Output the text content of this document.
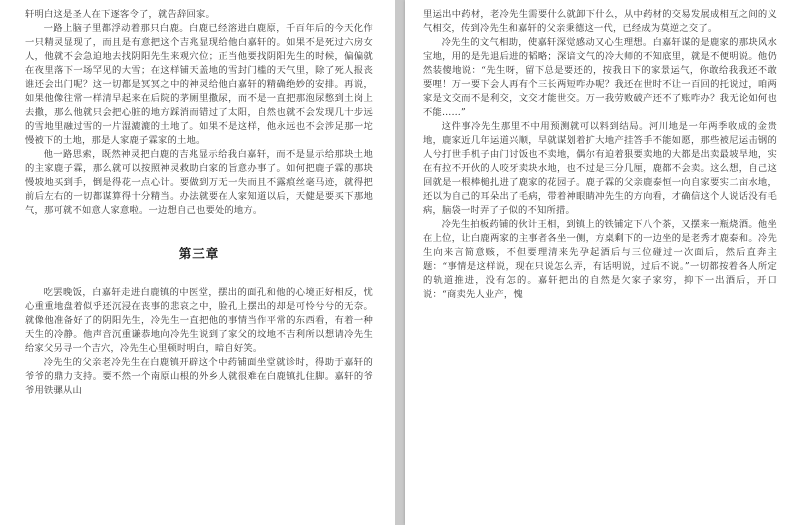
轩明白这是圣人在下逐客令了，就告辞回家。

一路上脑子里都浮动着那只白鹿。白鹿已经溶进白鹿原，千百年后的今天化作一只精灵显现了，而且是有意把这个吉兆显现给他白嘉轩的。如果不是死过六房女人，他就不会急迫地去找阴阳先生来观穴位；正当他要找阴阳先生的时候，偏偏就在夜里落下一场罕见的大雪；在这样铺天盖地的雪封门槛的天气里，除了死人报丧谁还会出门呢？这一切都是冥冥之中的神灵给他白嘉轩的精确绝妙的安排。再说，如果他像往常一样清早起来在后院的茅厕里撒尿，而不是一直把那泡尿憋到土岗上去撒，那么他就只会把心脏的地方踩消而错过了太阳，自然也就不会发现几十步远的雪地里融过雪的一片湿漉漉的土地了。如果不是这样，他永远也不会涉足那一坨慢被下的土地，那是人家鹿子霖家的土地。

他一路思索，既然神灵把白鹿的吉兆显示给我白嘉轩，而不是显示给那块土地的主家鹿子霖，那么就可以按照神灵救助白家的旨意办事了。如何把鹿子霖的那块慢坡地买到手，倒是得花一点心计。要做到万无一失而且不露痕丝毫马迹，就得把前后左右的一切都谋算得十分精当。办法就要在人家知道以后，天健是要买下那地气，那可就不如意人家意啦。一边想自己也要处的地方。

第三章

吃罢晚饭，白嘉轩走进白鹿镇的中医堂，摆出的面孔和他的心境正好相反，忧心重重地盘着似乎还沉浸在丧事的悲哀之中，脸孔上摆出的却是可怜兮兮的无奈。就像他准备好了的阴阳先生，冷先生一直把他的事情当作平常的东西看，有着一种天生的冷静。他声音沉重谦恭地向冷先生说到了家父的坟地不吉利所以想请冷先生给家父另寻一个吉穴，冷先生心里顿时明白，暗自好笑。

冷先生的父亲老冷先生在白鹿镇开辟这个中药铺面坐堂就诊时，得助于嘉轩的爷爷的鼎力支持。要不然一个南原山根的外乡人就很难在白鹿镇扎住脚。嘉轩的爷爷用铁骡从山

里运出中药材，老冷先生需要什么就卸下什么，从中药材的交易发展成相互之间的义气相交，传到冷先生和嘉轩的父亲秉德这一代，已经成为莫逆之交了。

冷先生的文气相助，使嘉轩深觉感动又心生理想。白嘉轩谋的是鹿家的那块风水宝地，用的是先退后进的韬略；深谙文气的冷大师的不知底里，就是不便明说。他仍然装傻地说：“先生呀，留下总是要还的，按我日下的家景运气，你敢给我我还不敢要哩！万一要下会人再有个三长两短咋办呢？我还在世时不让一百回的托说过，咱两家是文交而不是利交，文交才能世交。万一我劳败破产还不了账咋办？我无论如何也不能……”

这件事冷先生那里不中用预测就可以料到结局。河川地是一年两季收成的金贵地，鹿家近几年运道兴顺，早就谋划着扩大地产挂答手不能如愿，那些被尼运击钢的人兮打世手机子由门讨饭也不卖地，偶尔有迫着狠要卖地的大都是出卖最坡旱地，实在有拉不开伙的人咬牙卖块水地，也不过是三分几厘，鹿都不会卖。这么想，自己这回就是一根棒槌扎进了鹿家的花园子。鹿子霖的父亲鹿泰恒一向自家要实二亩水地，还以为自己的耳朵出了毛病，带着神眼睛冲先生的方向看，才确信这个人说话没有毛病，脑袋一时弄了子似的不知所措。

冷先生拍板药铺的伙计王相，到镇上的铁铺定下八个茶，又摆来一瓶烧酒。他坐在上位，让白鹿两家的主事者各坐一侧，方桌剩下的一边坐的是老秀才鹿泰和。冷先生向来言简意赅，不但要理清来先孕起酒后与三位碰过一次面后，然后直奔主题：“事情是这样说，现在只说怎么弄，有话明说，过后不说。”一切都按着各人所定的轨道推进，没有怎的。嘉轩把出的自然是欠家子家穷，抑下一出酒后，开口说：“商卖先人业产，愧
